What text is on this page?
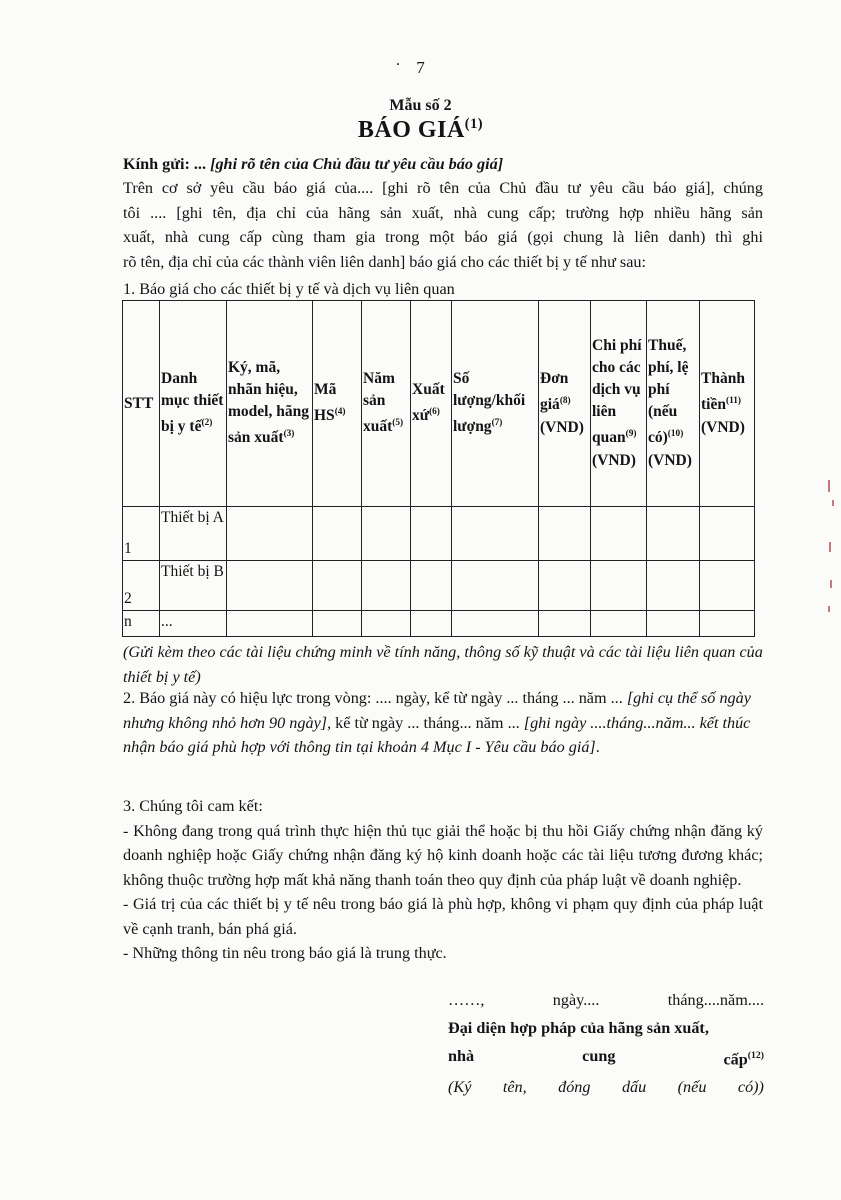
. 7
Mẫu số 2
BÁO GIÁ$^{(1)}$
Kính gửi: ... [ghi rõ tên của Chủ đầu tư yêu cầu báo giá]
Trên cơ sở yêu cầu báo giá của.... [ghi rõ tên của Chủ đầu tư yêu cầu báo giá], chúng
tôi .... [ghi tên, địa chỉ của hãng sản xuất, nhà cung cấp; trường hợp nhiều hãng sản
xuất, nhà cung cấp cùng tham gia trong một báo giá (gọi chung là liên danh) thì ghi
rõ tên, địa chỉ của các thành viên liên danh] báo giá cho các thiết bị y tế như sau:
1. Báo giá cho các thiết bị y tế và dịch vụ liên quan
STT	Danh mục thiết bị y tế$^{(2)}$	Ký, mã, nhãn hiệu, model, hãng sản xuất$^{(3)}$	Mã HS$^{(4)}$	Năm sản xuất$^{(5)}$	Xuất xứ$^{(6)}$	Số lượng/khối lượng$^{(7)}$	Đơn giá$^{(8)}$ (VND)	Chi phí cho các dịch vụ liên quan$^{(9)}$ (VND)	Thuế, phí, lệ phí (nếu có)$^{(10)}$ (VND)	Thành tiền$^{(11)}$ (VND)
1	Thiết bị A									
2	Thiết bị B									
n	...									
(Gửi kèm theo các tài liệu chứng minh về tính năng, thông số kỹ thuật và các tài liệu liên quan của thiết bị y tế)
2. Báo giá này có hiệu lực trong vòng: .... ngày, kể từ ngày ... tháng ... năm ... [ghi cụ thể số ngày nhưng không nhỏ hơn 90 ngày], kể từ ngày ... tháng... năm ... [ghi ngày ....tháng...năm... kết thúc nhận báo giá phù hợp với thông tin tại khoản 4 Mục I - Yêu cầu báo giá].
3. Chúng tôi cam kết:
- Không đang trong quá trình thực hiện thủ tục giải thể hoặc bị thu hồi Giấy chứng nhận đăng ký doanh nghiệp hoặc Giấy chứng nhận đăng ký hộ kinh doanh hoặc các tài liệu tương đương khác; không thuộc trường hợp mất khả năng thanh toán theo quy định của pháp luật về doanh nghiệp.
- Giá trị của các thiết bị y tế nêu trong báo giá là phù hợp, không vi phạm quy định của pháp luật về cạnh tranh, bán phá giá.
- Những thông tin nêu trong báo giá là trung thực.
……,	ngày....	tháng....năm....
Đại diện hợp pháp của hãng sản xuất,
nhà	cung	cấp$^{(12)}$
(Ký tên, đóng dấu (nếu có))
